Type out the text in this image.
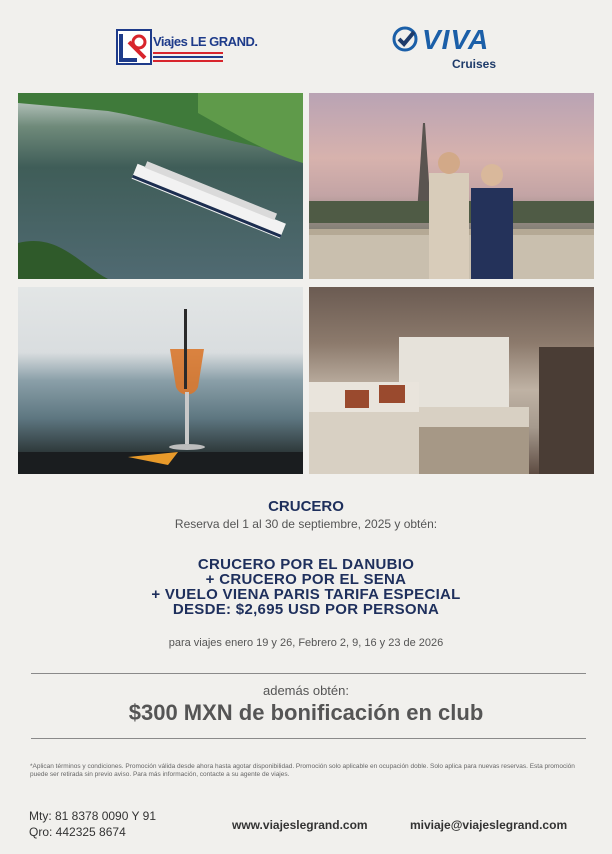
Viajes LE GRAND.	VIVA
Cruises
CRUCERO
Reserva del 1 al 30 de septiembre, 2025 y obtén:
CRUCERO POR EL DANUBIO
+ CRUCERO POR EL SENA
+ VUELO VIENA PARIS TARIFA ESPECIAL
DESDE: $2,695 USD POR PERSONA
para viajes enero 19 y 26, Febrero 2, 9, 16 y 23 de 2026
además obtén:
$300 MXN de bonificación en club
*Aplican términos y condiciones. Promoción válida desde ahora hasta agotar disponibilidad. Promoción solo aplicable en ocupación doble. Solo aplica para nuevas reservas. Esta promoción puede ser retirada sin previo aviso. Para más información, contacte a su agente de viajes.
Mty: 81 8378 0090 Y 91
Qro: 442325 8674	www.viajeslegrand.com	miviaje@viajeslegrand.com
